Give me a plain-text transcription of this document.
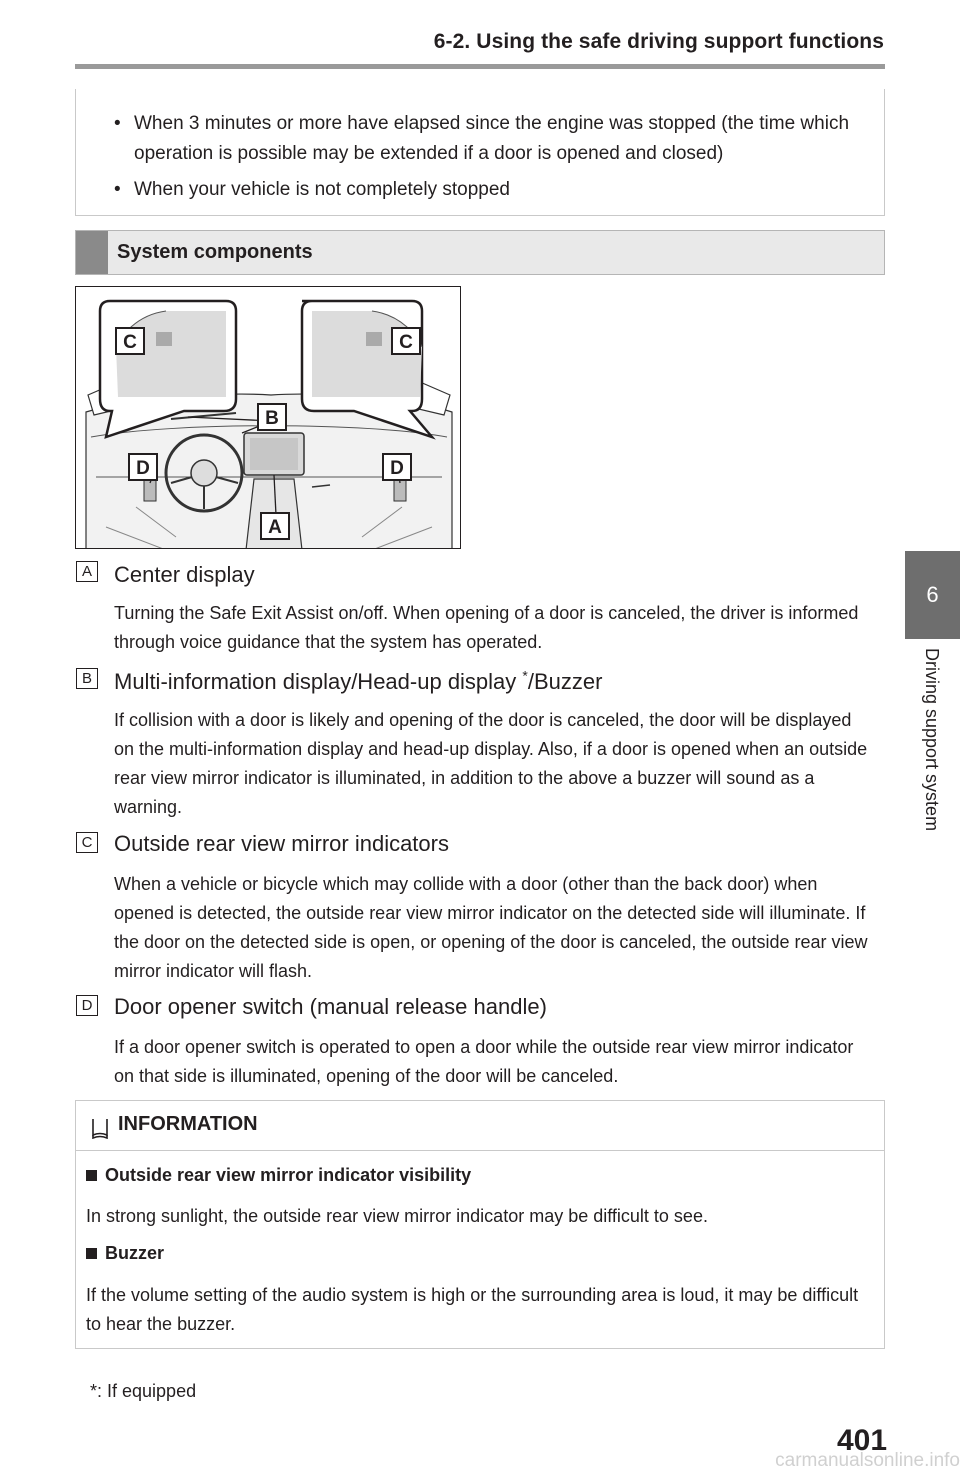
6-2. Using the safe driving support functions
6
Driving support system
• When 3 minutes or more have elapsed since the engine was stopped (the time which operation is possible may be extended if a door is opened and closed)
• When your vehicle is not completely stopped
System components
C	C
B
D	D
A
A Center display
Turning the Safe Exit Assist on/off. When opening of a door is canceled, the driver is informed through voice guidance that the system has operated.
B Multi-information display/Head-up display */Buzzer
If collision with a door is likely and opening of the door is canceled, the door will be displayed on the multi-information display and head-up display. Also, if a door is opened when an outside rear view mirror indicator is illuminated, in addition to the above a buzzer will sound as a warning.
C Outside rear view mirror indicators
When a vehicle or bicycle which may collide with a door (other than the back door) when opened is detected, the outside rear view mirror indicator on the detected side will illuminate. If the door on the detected side is open, or opening of the door is canceled, the outside rear view mirror indicator will flash.
D Door opener switch (manual release handle)
If a door opener switch is operated to open a door while the outside rear view mirror indicator on that side is illuminated, opening of the door will be canceled.
INFORMATION
Outside rear view mirror indicator visibility
In strong sunlight, the outside rear view mirror indicator may be difficult to see.
Buzzer
If the volume setting of the audio system is high or the surrounding area is loud, it may be difficult to hear the buzzer.
*: If equipped
401
carmanualsonline.info
